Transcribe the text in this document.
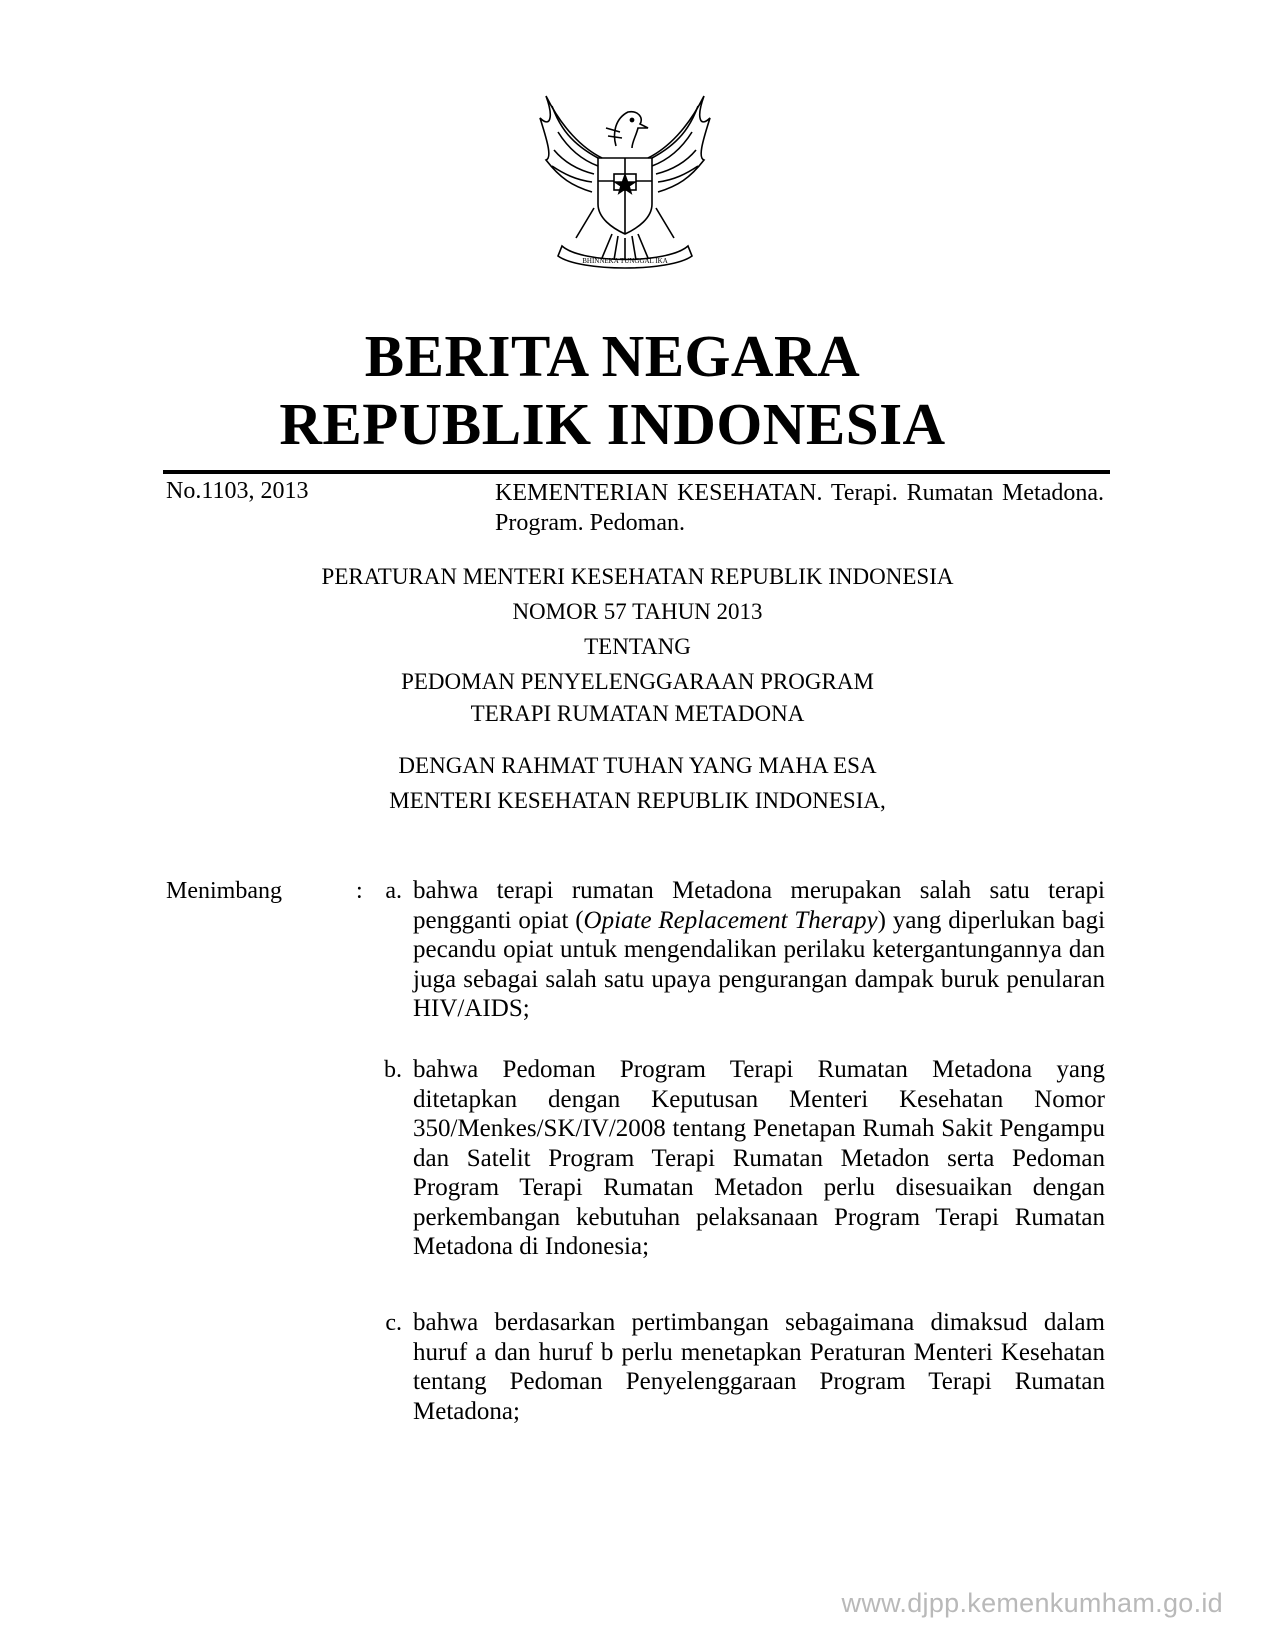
BHINNEKA TUNGGAL IKA
BERITA NEGARA
REPUBLIK INDONESIA
No.1103, 2013	KEMENTERIAN KESEHATAN. Terapi. Rumatan Metadona. Program. Pedoman.
PERATURAN MENTERI KESEHATAN REPUBLIK INDONESIA
NOMOR 57 TAHUN 2013
TENTANG
PEDOMAN PENYELENGGARAAN PROGRAM
TERAPI RUMATAN METADONA
DENGAN RAHMAT TUHAN YANG MAHA ESA
MENTERI KESEHATAN REPUBLIK INDONESIA,
Menimbang	: a. bahwa terapi rumatan Metadona merupakan salah satu terapi pengganti opiat (Opiate Replacement Therapy) yang diperlukan bagi pecandu opiat untuk mengendalikan perilaku ketergantungannya dan juga sebagai salah satu upaya pengurangan dampak buruk penularan HIV/AIDS;
b. bahwa Pedoman Program Terapi Rumatan Metadona yang ditetapkan dengan Keputusan Menteri Kesehatan Nomor 350/Menkes/SK/IV/2008 tentang Penetapan Rumah Sakit Pengampu dan Satelit Program Terapi Rumatan Metadon serta Pedoman Program Terapi Rumatan Metadon perlu disesuaikan dengan perkembangan kebutuhan pelaksanaan Program Terapi Rumatan Metadona di Indonesia;
c. bahwa berdasarkan pertimbangan sebagaimana dimaksud dalam huruf a dan huruf b perlu menetapkan Peraturan Menteri Kesehatan tentang Pedoman Penyelenggaraan Program Terapi Rumatan Metadona;
www.djpp.kemenkumham.go.id
